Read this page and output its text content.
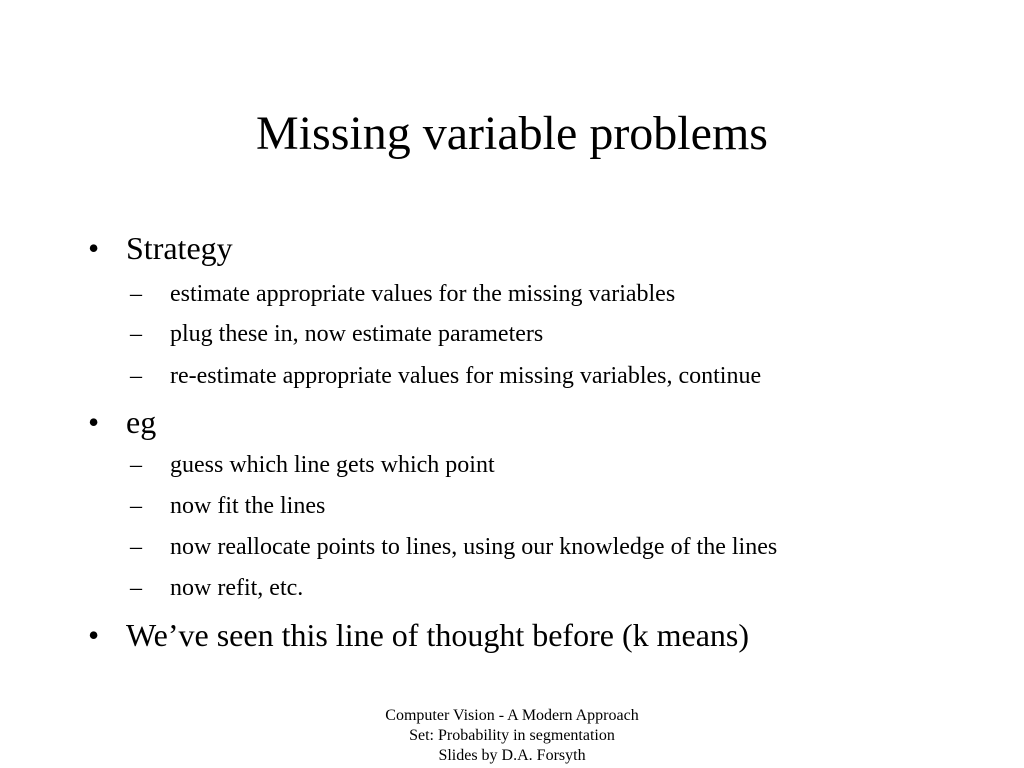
Missing variable problems
• Strategy
– estimate appropriate values for the missing variables
– plug these in, now estimate parameters
– re-estimate appropriate values for missing variables, continue
• eg
– guess which line gets which point
– now fit the lines
– now reallocate points to lines, using our knowledge of the lines
– now refit, etc.
• We’ve seen this line of thought before (k means)
Computer Vision - A Modern Approach
Set: Probability in segmentation
Slides by D.A. Forsyth
